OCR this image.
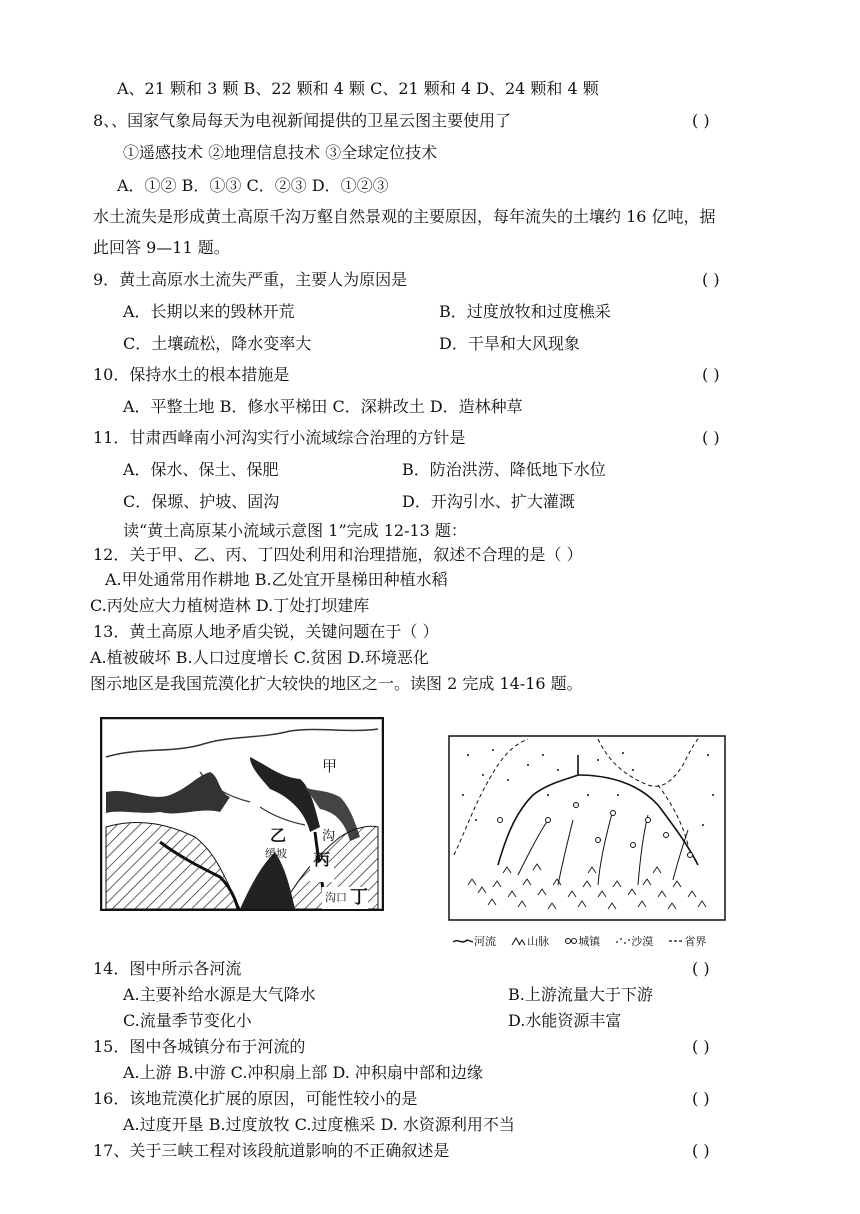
A、21 颗和 3 颗 B、22 颗和 4 颗 C、21 颗和 4 D、24 颗和 4 颗
8、、国家气象局每天为电视新闻提供的卫星云图主要使用了	( )
①遥感技术 ②地理信息技术 ③全球定位技术
A．①② B．①③ C．②③ D．①②③
水土流失是形成黄土高原千沟万壑自然景观的主要原因，每年流失的土壤约 16 亿吨，据
此回答 9—11 题。
9．黄土高原水土流失严重，主要人为原因是	( )
A．长期以来的毁林开荒	B．过度放牧和过度樵采
C．土壤疏松，降水变率大	D．干旱和大风现象
10．保持水土的根本措施是	( )
A．平整土地 B．修水平梯田 C．深耕改土 D．造林种草
11．甘肃西峰南小河沟实行小流域综合治理的方针是	( )
A．保水、保土、保肥	B．防治洪涝、降低地下水位
C．保塬、护坡、固沟	D．开沟引水、扩大灌溉
读“黄土高原某小流域示意图 1”完成 12-13 题：
12．关于甲、乙、丙、丁四处利用和治理措施，叙述不合理的是（ ）
A.甲处通常用作耕地 B.乙处宜开垦梯田种植水稻
C.丙处应大力植树造林 D.丁处打坝建库
13．黄土高原人地矛盾尖锐，关键问题在于（ ）
A.植被破坏 B.人口过度增长 C.贫困 D.环境恶化
图示地区是我国荒漠化扩大较快的地区之一。读图 2 完成 14-16 题。
甲
乙	沟
缓坡 丙
沟口 丁
河流
	山脉
	城镇
	沙漠
	省界
14．图中所示各河流	( )
A.主要补给水源是大气降水	B.上游流量大于下游
C.流量季节变化小	D.水能资源丰富
15．图中各城镇分布于河流的	( )
A.上游 B.中游 C.冲积扇上部 D. 冲积扇中部和边缘
16．该地荒漠化扩展的原因，可能性较小的是	( )
A.过度开垦 B.过度放牧 C.过度樵采 D. 水资源利用不当
17、关于三峡工程对该段航道影响的不正确叙述是	( )
